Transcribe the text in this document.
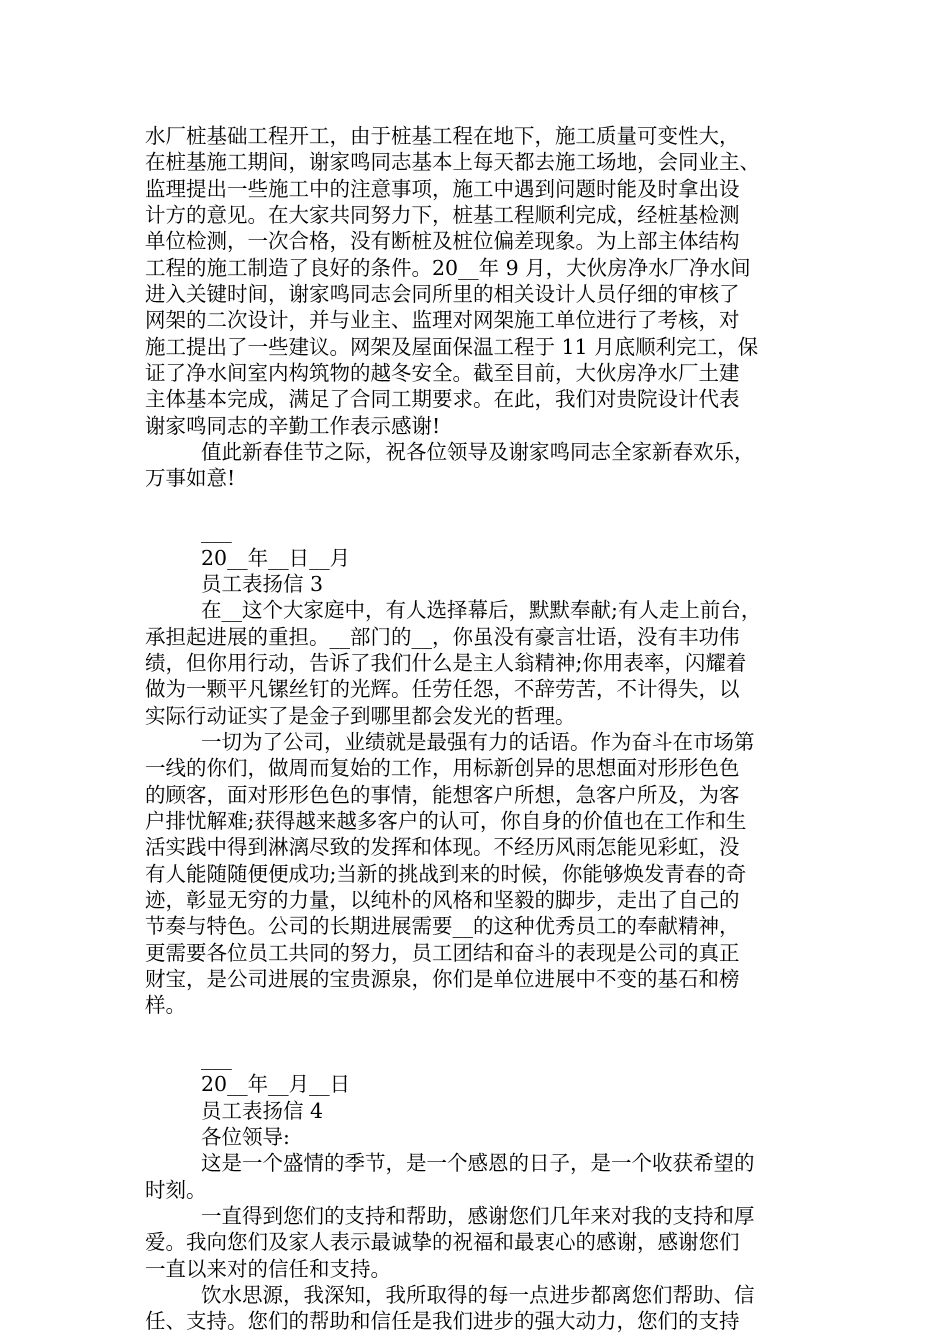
水厂桩基础工程开工，由于桩基工程在地下，施工质量可变性大，
在桩基施工期间，谢家鸣同志基本上每天都去施工场地，会同业主、
监理提出一些施工中的注意事项，施工中遇到问题时能及时拿出设
计方的意见。在大家共同努力下，桩基工程顺利完成，经桩基检测
单位检测，一次合格，没有断桩及桩位偏差现象。为上部主体结构
工程的施工制造了良好的条件。20__年 9 月，大伙房净水厂净水间
进入关键时间，谢家鸣同志会同所里的相关设计人员仔细的审核了
网架的二次设计，并与业主、监理对网架施工单位进行了考核，对
施工提出了一些建议。网架及屋面保温工程于 11 月底顺利完工，保
证了净水间室内构筑物的越冬安全。截至目前，大伙房净水厂土建
主体基本完成，满足了合同工期要求。在此，我们对贵院设计代表
谢家鸣同志的辛勤工作表示感谢!
值此新春佳节之际，祝各位领导及谢家鸣同志全家新春欢乐，
万事如意!
___
20__年__日__月
员工表扬信 3
在__这个大家庭中，有人选择幕后，默默奉献;有人走上前台，
承担起进展的重担。__部门的__，你虽没有豪言壮语，没有丰功伟
绩，但你用行动，告诉了我们什么是主人翁精神;你用表率，闪耀着
做为一颗平凡镙丝钉的光辉。任劳任怨，不辞劳苦，不计得失，以
实际行动证实了是金子到哪里都会发光的哲理。
一切为了公司，业绩就是最强有力的话语。作为奋斗在市场第
一线的你们，做周而复始的工作，用标新创异的思想面对形形色色
的顾客，面对形形色色的事情，能想客户所想，急客户所及，为客
户排忧解难;获得越来越多客户的认可，你自身的价值也在工作和生
活实践中得到淋漓尽致的发挥和体现。不经历风雨怎能见彩虹，没
有人能随随便便成功;当新的挑战到来的时候，你能够焕发青春的奇
迹，彰显无穷的力量，以纯朴的风格和坚毅的脚步，走出了自己的
节奏与特色。公司的长期进展需要__的这种优秀员工的奉献精神，
更需要各位员工共同的努力，员工团结和奋斗的表现是公司的真正
财宝，是公司进展的宝贵源泉，你们是单位进展中不变的基石和榜
样。
___
20__年__月__日
员工表扬信 4
各位领导:
这是一个盛情的季节，是一个感恩的日子，是一个收获希望的
时刻。
一直得到您们的支持和帮助，感谢您们几年来对我的支持和厚
爱。我向您们及家人表示最诚挚的祝福和最衷心的感谢，感谢您们
一直以来对的信任和支持。
饮水思源，我深知，我所取得的每一点进步都离您们帮助、信
任、支持。您们的帮助和信任是我们进步的强大动力，您们的支持
